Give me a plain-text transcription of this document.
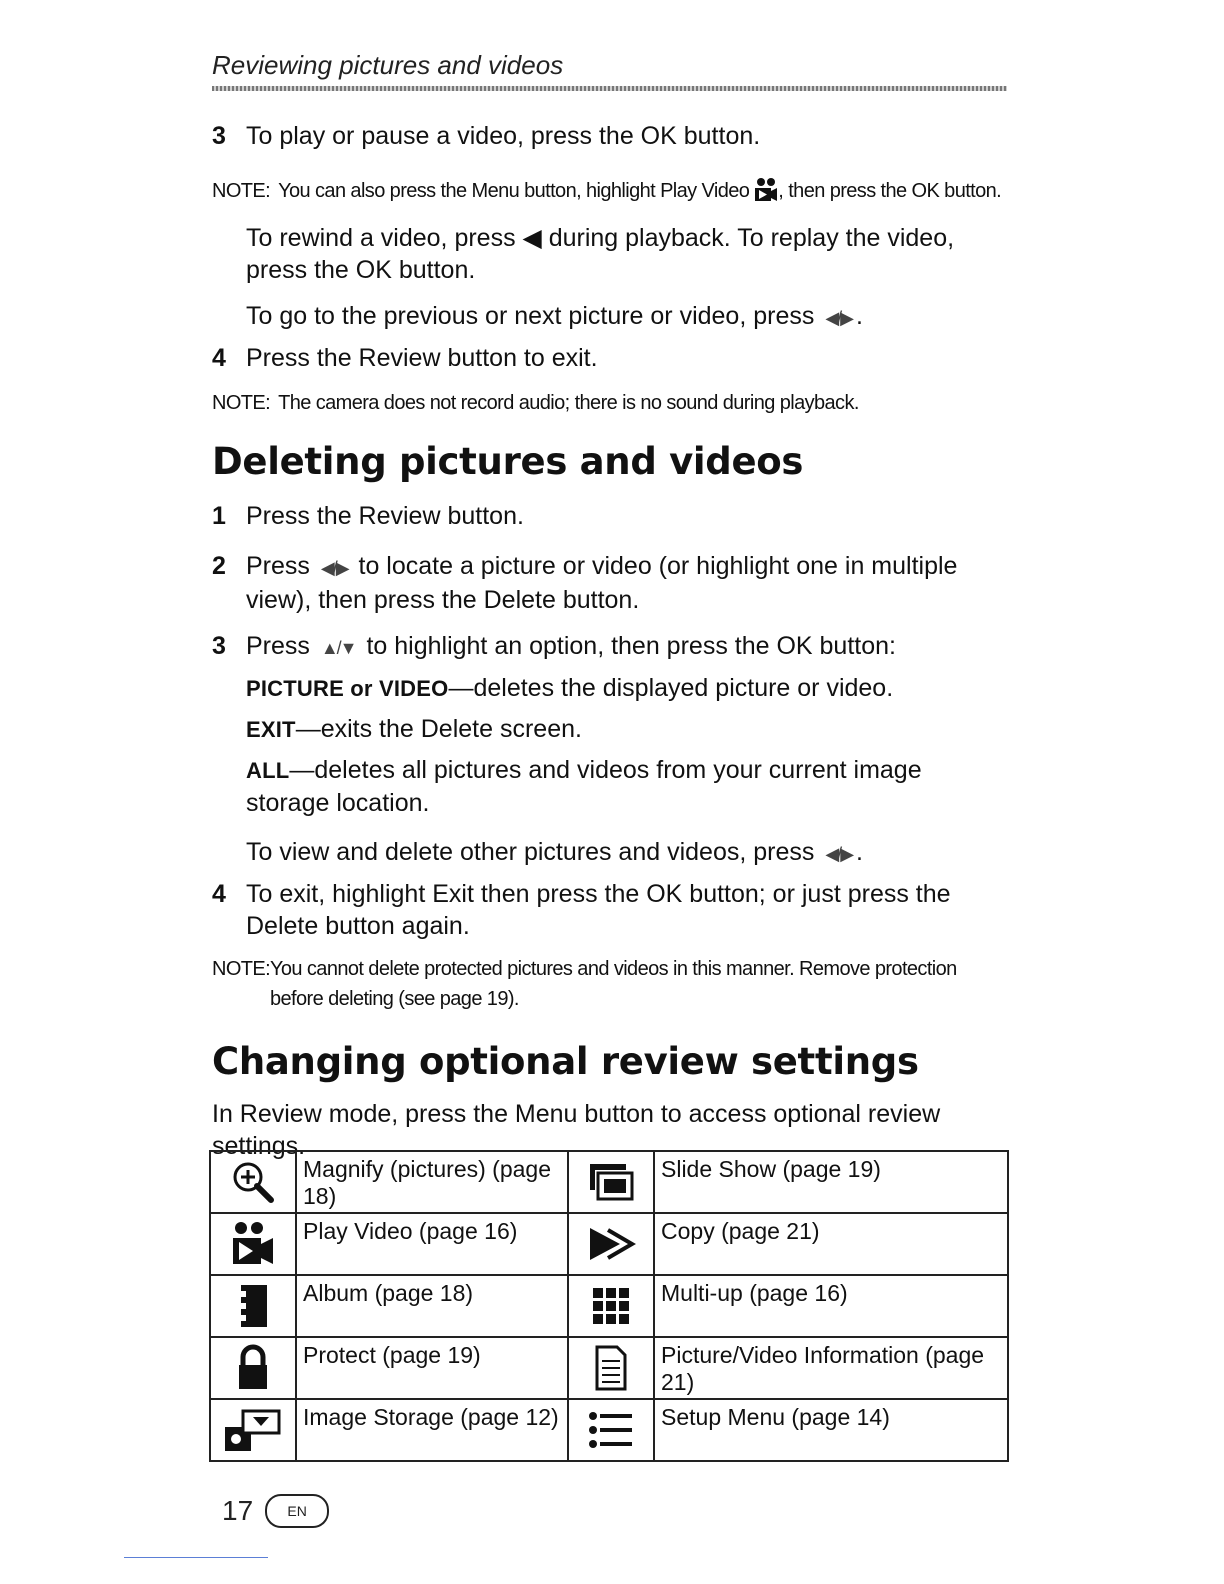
Reviewing pictures and videos
3 To play or pause a video, press the OK button.
NOTE: You can also press the Menu button, highlight Play Video , then press the OK button.
To rewind a video, press ◀ during playback. To replay the video, press the OK button.
To go to the previous or next picture or video, press ◀/▶ .
4 Press the Review button to exit.
NOTE: The camera does not record audio; there is no sound during playback.
Deleting pictures and videos
1 Press the Review button.
2 Press ◀/▶ to locate a picture or video (or highlight one in multiple view), then press the Delete button.
3 Press ▲/▼ to highlight an option, then press the OK button:
PICTURE or VIDEO—deletes the displayed picture or video.
EXIT—exits the Delete screen.
ALL—deletes all pictures and videos from your current image storage location.
To view and delete other pictures and videos, press ◀/▶ .
4 To exit, highlight Exit then press the OK button; or just press the Delete button again.
NOTE: You cannot delete protected pictures and videos in this manner. Remove protection before deleting (see page 19).
Changing optional review settings
In Review mode, press the Menu button to access optional review settings.
	Magnify (pictures) (page 18)		Slide Show (page 19)

	Play Video (page 16)		Copy (page 21)

	Album (page 18)		Multi-up (page 16)

	Protect (page 19)		Picture/Video Information (page 21)

	Image Storage (page 12)		Setup Menu (page 14)
17	EN
